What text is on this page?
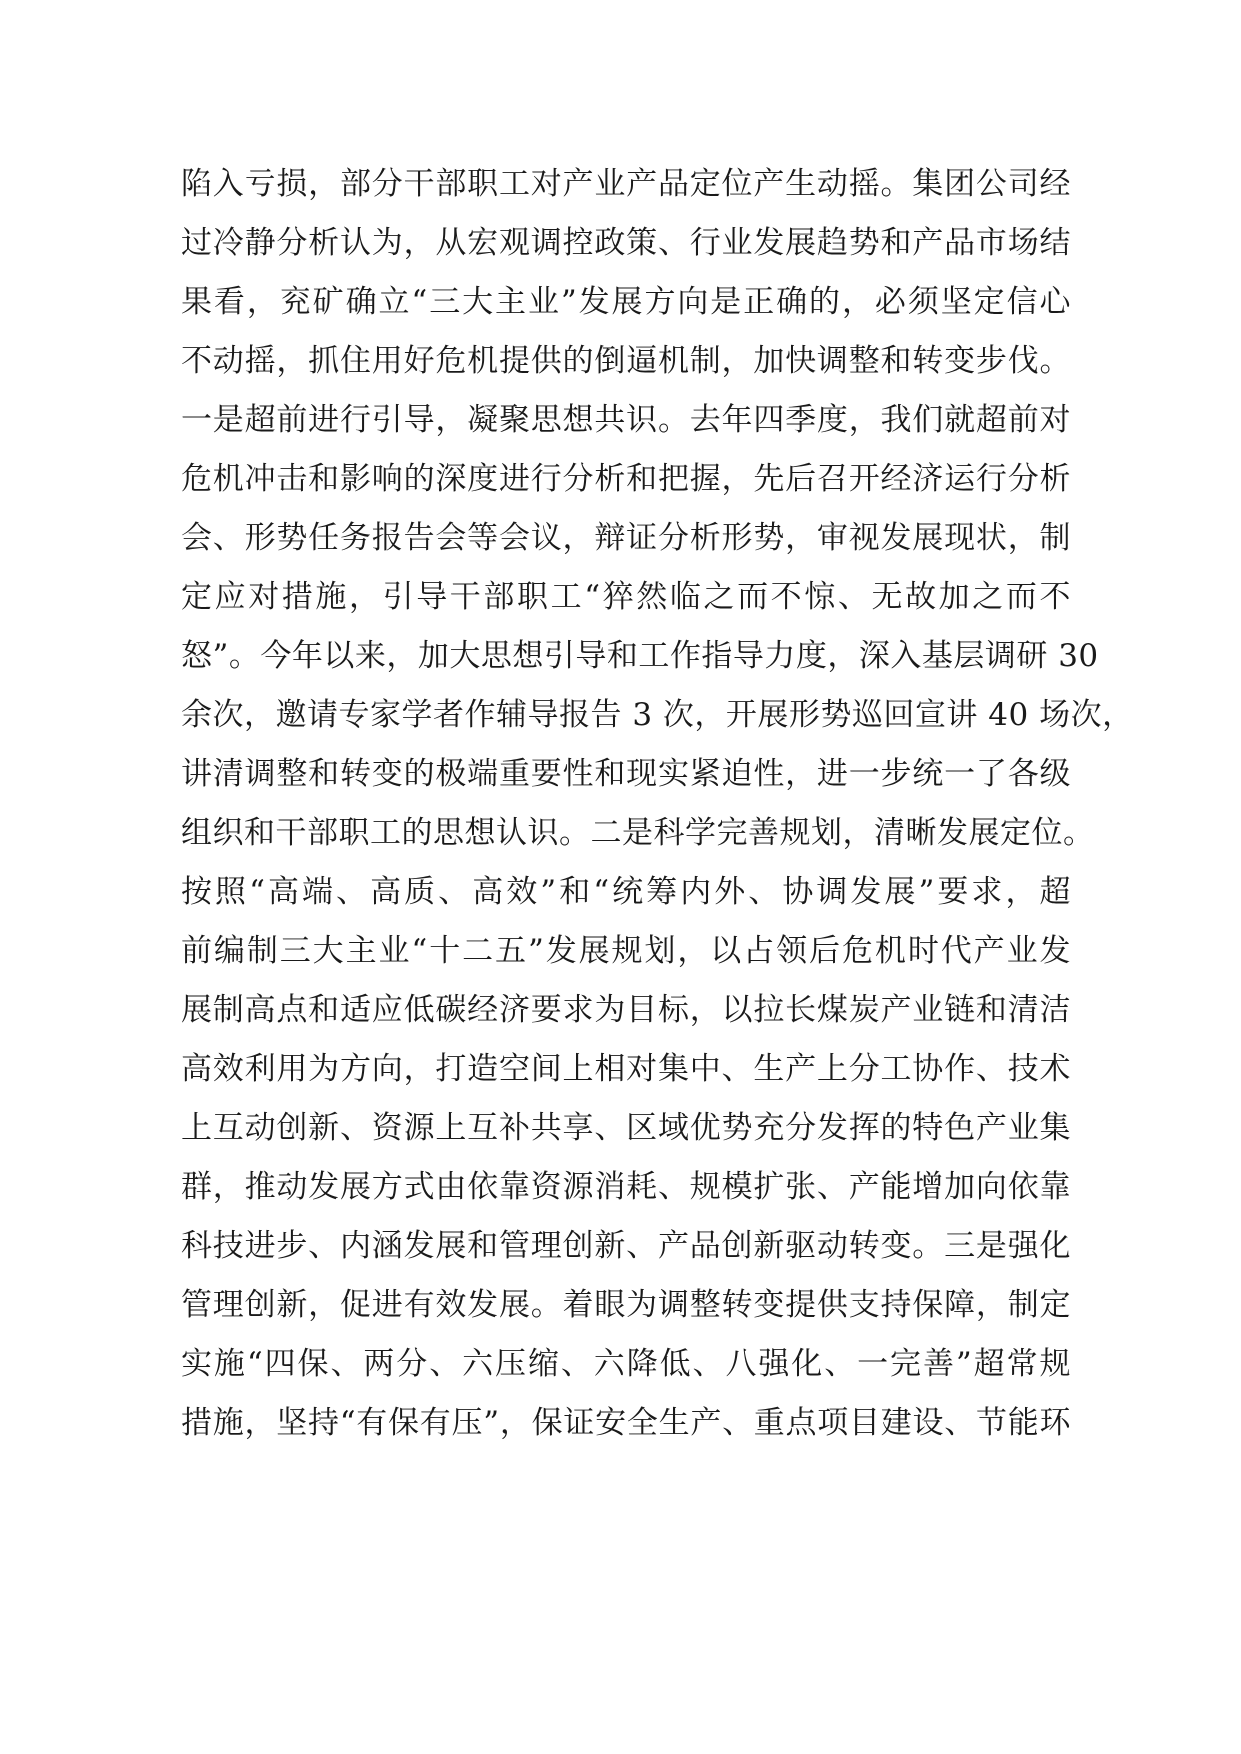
陷入亏损，部分干部职工对产业产品定位产生动摇。集团公司经
过冷静分析认为，从宏观调控政策、行业发展趋势和产品市场结
果看，兖矿确立“三大主业”发展方向是正确的，必须坚定信心
不动摇，抓住用好危机提供的倒逼机制，加快调整和转变步伐。
一是超前进行引导，凝聚思想共识。去年四季度，我们就超前对
危机冲击和影响的深度进行分析和把握，先后召开经济运行分析
会、形势任务报告会等会议，辩证分析形势，审视发展现状，制
定应对措施，引导干部职工“猝然临之而不惊、无故加之而不
怒”。今年以来，加大思想引导和工作指导力度，深入基层调研 30
余次，邀请专家学者作辅导报告 3 次，开展形势巡回宣讲 40 场次，
讲清调整和转变的极端重要性和现实紧迫性，进一步统一了各级
组织和干部职工的思想认识。二是科学完善规划，清晰发展定位。
按照“高端、高质、高效”和“统筹内外、协调发展”要求，超
前编制三大主业“十二五”发展规划，以占领后危机时代产业发
展制高点和适应低碳经济要求为目标，以拉长煤炭产业链和清洁
高效利用为方向，打造空间上相对集中、生产上分工协作、技术
上互动创新、资源上互补共享、区域优势充分发挥的特色产业集
群，推动发展方式由依靠资源消耗、规模扩张、产能增加向依靠
科技进步、内涵发展和管理创新、产品创新驱动转变。三是强化
管理创新，促进有效发展。着眼为调整转变提供支持保障，制定
实施“四保、两分、六压缩、六降低、八强化、一完善”超常规
措施，坚持“有保有压”，保证安全生产、重点项目建设、节能环
